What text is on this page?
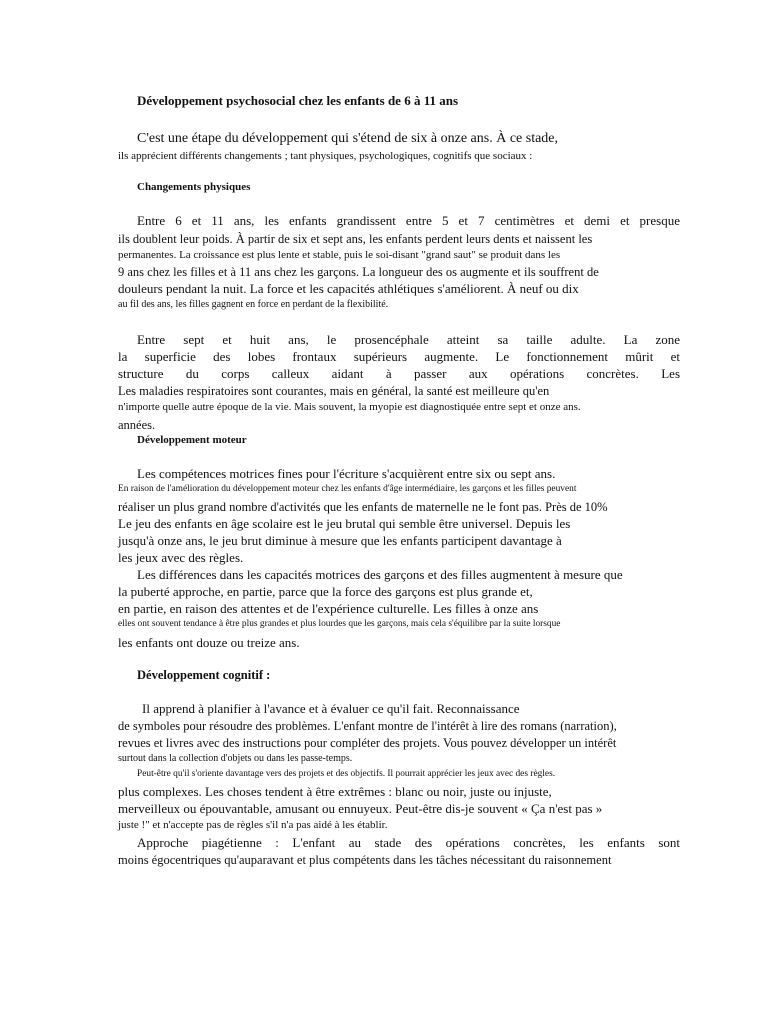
Développement psychosocial chez les enfants de 6 à 11 ans

C'est une étape du développement qui s'étend de six à onze ans. À ce stade,

ils apprécient différents changements ; tant physiques, psychologiques, cognitifs que sociaux :

Changements physiques

Entre 6 et 11 ans, les enfants grandissent entre 5 et 7 centimètres et demi et presque

ils doublent leur poids. À partir de six et sept ans, les enfants perdent leurs dents et naissent les

permanentes. La croissance est plus lente et stable, puis le soi-disant "grand saut" se produit dans les

9 ans chez les filles et à 11 ans chez les garçons. La longueur des os augmente et ils souffrent de

douleurs pendant la nuit. La force et les capacités athlétiques s'améliorent. À neuf ou dix

au fil des ans, les filles gagnent en force en perdant de la flexibilité.

Entre sept et huit ans, le prosencéphale atteint sa taille adulte. La zone

la superficie des lobes frontaux supérieurs augmente. Le fonctionnement mûrit et

structure du corps calleux aidant à passer aux opérations concrètes. Les

Les maladies respiratoires sont courantes, mais en général, la santé est meilleure qu'en

n'importe quelle autre époque de la vie. Mais souvent, la myopie est diagnostiquée entre sept et onze ans.

années.

Développement moteur

Les compétences motrices fines pour l'écriture s'acquièrent entre six ou sept ans.

En raison de l'amélioration du développement moteur chez les enfants d'âge intermédiaire, les garçons et les filles peuvent

réaliser un plus grand nombre d'activités que les enfants de maternelle ne le font pas. Près de 10%

Le jeu des enfants en âge scolaire est le jeu brutal qui semble être universel. Depuis les

jusqu'à onze ans, le jeu brut diminue à mesure que les enfants participent davantage à

les jeux avec des règles.

Les différences dans les capacités motrices des garçons et des filles augmentent à mesure que

la puberté approche, en partie, parce que la force des garçons est plus grande et,

en partie, en raison des attentes et de l'expérience culturelle. Les filles à onze ans

elles ont souvent tendance à être plus grandes et plus lourdes que les garçons, mais cela s'équilibre par la suite lorsque

les enfants ont douze ou treize ans.

Développement cognitif :

Il apprend à planifier à l'avance et à évaluer ce qu'il fait. Reconnaissance

de symboles pour résoudre des problèmes. L'enfant montre de l'intérêt à lire des romans (narration),

revues et livres avec des instructions pour compléter des projets. Vous pouvez développer un intérêt

surtout dans la collection d'objets ou dans les passe-temps.

Peut-être qu'il s'oriente davantage vers des projets et des objectifs. Il pourrait apprécier les jeux avec des règles.

plus complexes. Les choses tendent à être extrêmes : blanc ou noir, juste ou injuste,

merveilleux ou épouvantable, amusant ou ennuyeux. Peut-être dis-je souvent « Ça n'est pas »

juste !" et n'accepte pas de règles s'il n'a pas aidé à les établir.

Approche piagétienne : L'enfant au stade des opérations concrètes, les enfants sont

moins égocentriques qu'auparavant et plus compétents dans les tâches nécessitant du raisonnement
